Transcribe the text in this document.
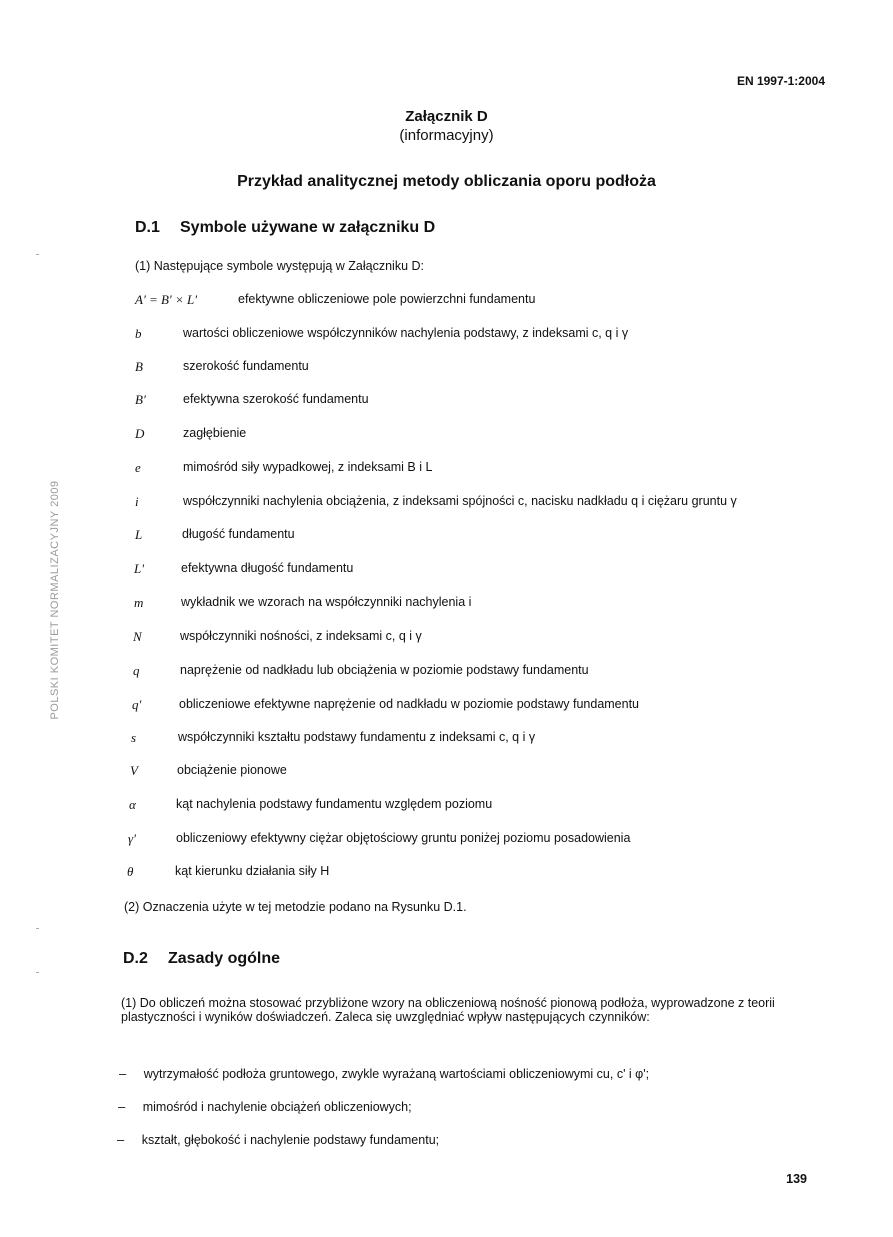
EN 1997-1:2004
Załącznik D
(informacyjny)
Przykład analitycznej metody obliczania oporu podłoża
D.1 Symbole używane w załączniku D
(1) Następujące symbole występują w Załączniku D:
A' = B' × L'	efektywne obliczeniowe pole powierzchni fundamentu
b	wartości obliczeniowe współczynników nachylenia podstawy, z indeksami c, q i γ
B	szerokość fundamentu
B'	efektywna szerokość fundamentu
D	zagłębienie
e	mimośród siły wypadkowej, z indeksami B i L
i	współczynniki nachylenia obciążenia, z indeksami spójności c, nacisku nadkładu q i ciężaru gruntu γ
L	długość fundamentu
L'	efektywna długość fundamentu
m	wykładnik we wzorach na współczynniki nachylenia i
N	współczynniki nośności, z indeksami c, q i γ
q	naprężenie od nadkładu lub obciążenia w poziomie podstawy fundamentu
q'	obliczeniowe efektywne naprężenie od nadkładu w poziomie podstawy fundamentu
s	współczynniki kształtu podstawy fundamentu z indeksami c, q i γ
V	obciążenie pionowe
α	kąt nachylenia podstawy fundamentu względem poziomu
γ'	obliczeniowy efektywny ciężar objętościowy gruntu poniżej poziomu posadowienia
θ	kąt kierunku działania siły H
(2) Oznaczenia użyte w tej metodzie podano na Rysunku D.1.
D.2 Zasady ogólne
(1) Do obliczeń można stosować przybliżone wzory na obliczeniową nośność pionową podłoża, wyprowadzone z teorii plastyczności i wyników doświadczeń. Zaleca się uwzględniać wpływ następujących czynników:
– wytrzymałość podłoża gruntowego, zwykle wyrażaną wartościami obliczeniowymi cu, c' i φ';
– mimośród i nachylenie obciążeń obliczeniowych;
– kształt, głębokość i nachylenie podstawy fundamentu;
POLSKI KOMITET NORMALIZACYJNY 2009
139
